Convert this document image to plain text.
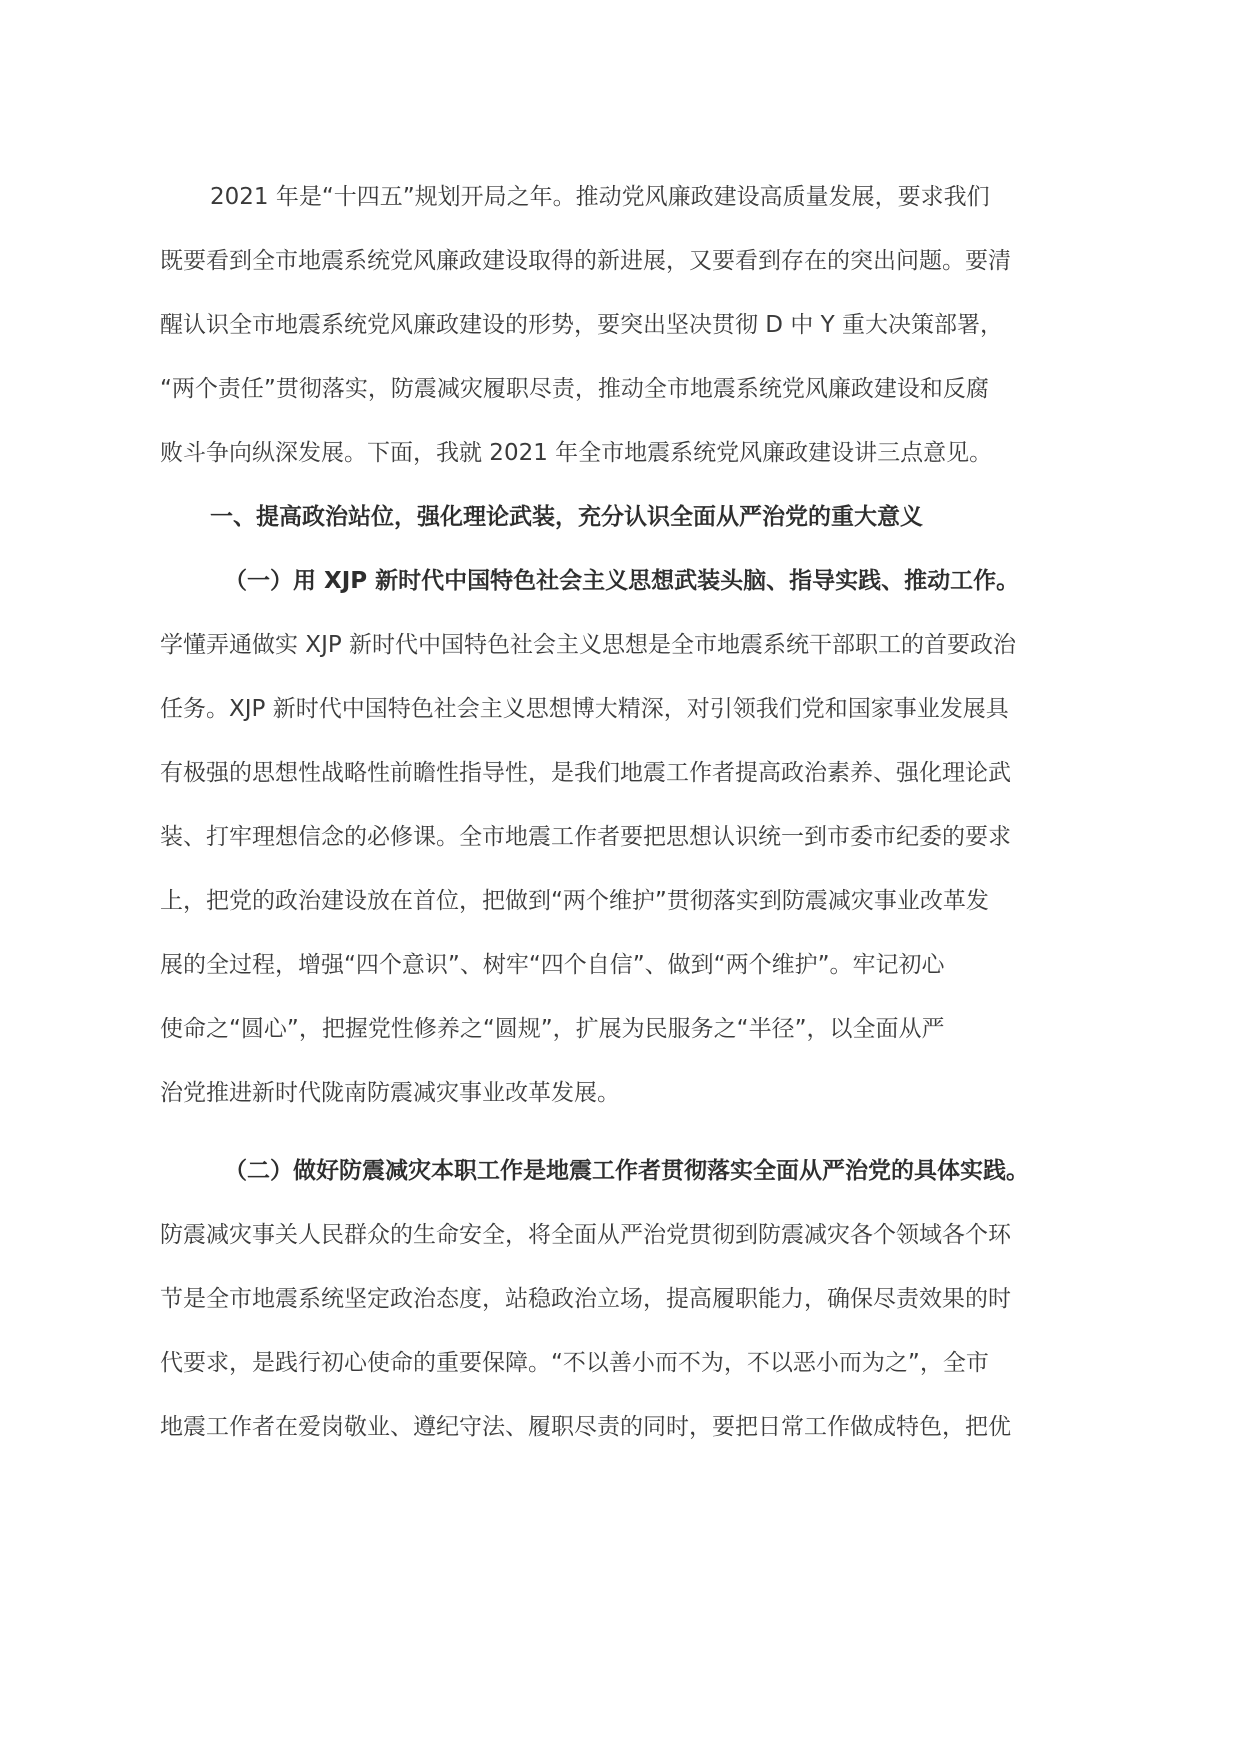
2021 年是“十四五”规划开局之年。推动党风廉政建设高质量发展，要求我们
既要看到全市地震系统党风廉政建设取得的新进展，又要看到存在的突出问题。要清
醒认识全市地震系统党风廉政建设的形势，要突出坚决贯彻 D 中 Y 重大决策部署，
“两个责任”贯彻落实，防震减灾履职尽责，推动全市地震系统党风廉政建设和反腐
败斗争向纵深发展。下面，我就 2021 年全市地震系统党风廉政建设讲三点意见。
一、提高政治站位，强化理论武装，充分认识全面从严治党的重大意义
（一）用 XJP 新时代中国特色社会主义思想武装头脑、指导实践、推动工作。
学懂弄通做实 XJP 新时代中国特色社会主义思想是全市地震系统干部职工的首要政治
任务。XJP 新时代中国特色社会主义思想博大精深，对引领我们党和国家事业发展具
有极强的思想性战略性前瞻性指导性，是我们地震工作者提高政治素养、强化理论武
装、打牢理想信念的必修课。全市地震工作者要把思想认识统一到市委市纪委的要求
上，把党的政治建设放在首位，把做到“两个维护”贯彻落实到防震减灾事业改革发
展的全过程，增强“四个意识”、树牢“四个自信”、做到“两个维护”。牢记初心
使命之“圆心”，把握党性修养之“圆规”，扩展为民服务之“半径”，以全面从严
治党推进新时代陇南防震减灾事业改革发展。
（二）做好防震减灾本职工作是地震工作者贯彻落实全面从严治党的具体实践。
防震减灾事关人民群众的生命安全，将全面从严治党贯彻到防震减灾各个领域各个环
节是全市地震系统坚定政治态度，站稳政治立场，提高履职能力，确保尽责效果的时
代要求，是践行初心使命的重要保障。“不以善小而不为，不以恶小而为之”，全市
地震工作者在爱岗敬业、遵纪守法、履职尽责的同时，要把日常工作做成特色，把优
